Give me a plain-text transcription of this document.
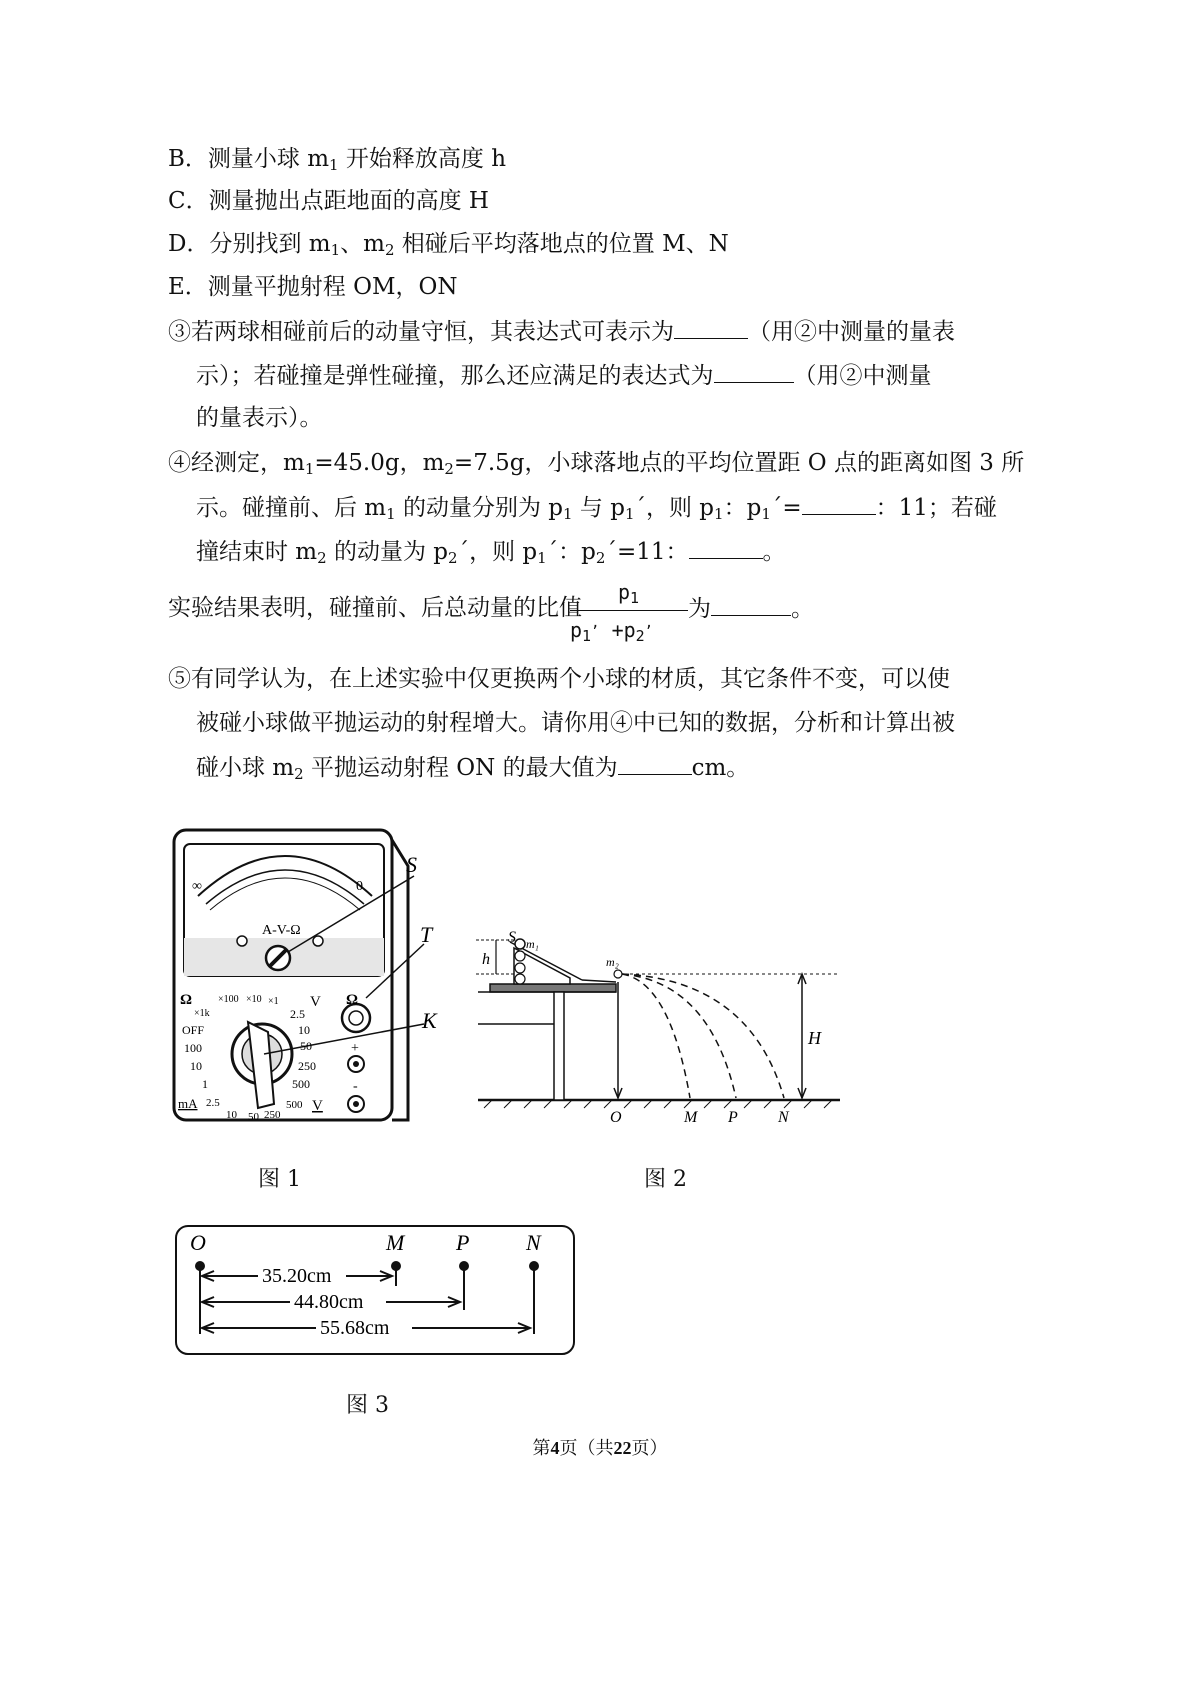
B．测量小球 $m_1$ 开始释放高度 h
C．测量抛出点距地面的高度 H
D．分别找到 $m_1$、$m_2$ 相碰后平均落地点的位置 M、N
E．测量平抛射程 OM，ON
③若两球相碰前后的动量守恒，其表达式可表示为	（用②中测量的量表
示）；若碰撞是弹性碰撞，那么还应满足的表达式为	（用②中测量
的量表示）。
④经测定，$m_1=45.0g$，$m_2=7.5g$，小球落地点的平均位置距 O 点的距离如图 3 所
示。碰撞前、后 $m_1$ 的动量分别为 $p_1$ 与 $p_1´$，则 $p_1$：$p_1´=$	：11；若碰
撞结束时 $m_2$ 的动量为 $p_2´$，则 $p_1´$：$p_2´=11$：	。
实验结果表明，碰撞前、后总动量的比值
$p_1$
$p_1^, +p_2^,$
为	。
⑤有同学认为，在上述实验中仅更换两个小球的材质，其它条件不变，可以使
被碰小球做平抛运动的射程增大。请你用④中已知的数据，分析和计算出被
碰小球 $m_2$ 平抛运动射程 ON 的最大值为	cm。
∞	0
A-V-Ω
S
Ω
T
K
Ω
×1k
×100 ×10 ×1 V
2.5
10
50
250
500
OFF
100
10
1
mA 2.5
10 50 250
500 V
+
-
图 1
S m₁
h	m₂
H
O	M P	N
图 2
O	M P	N
35.20cm
44.80cm
55.68cm
图 3
第4页（共22页）
